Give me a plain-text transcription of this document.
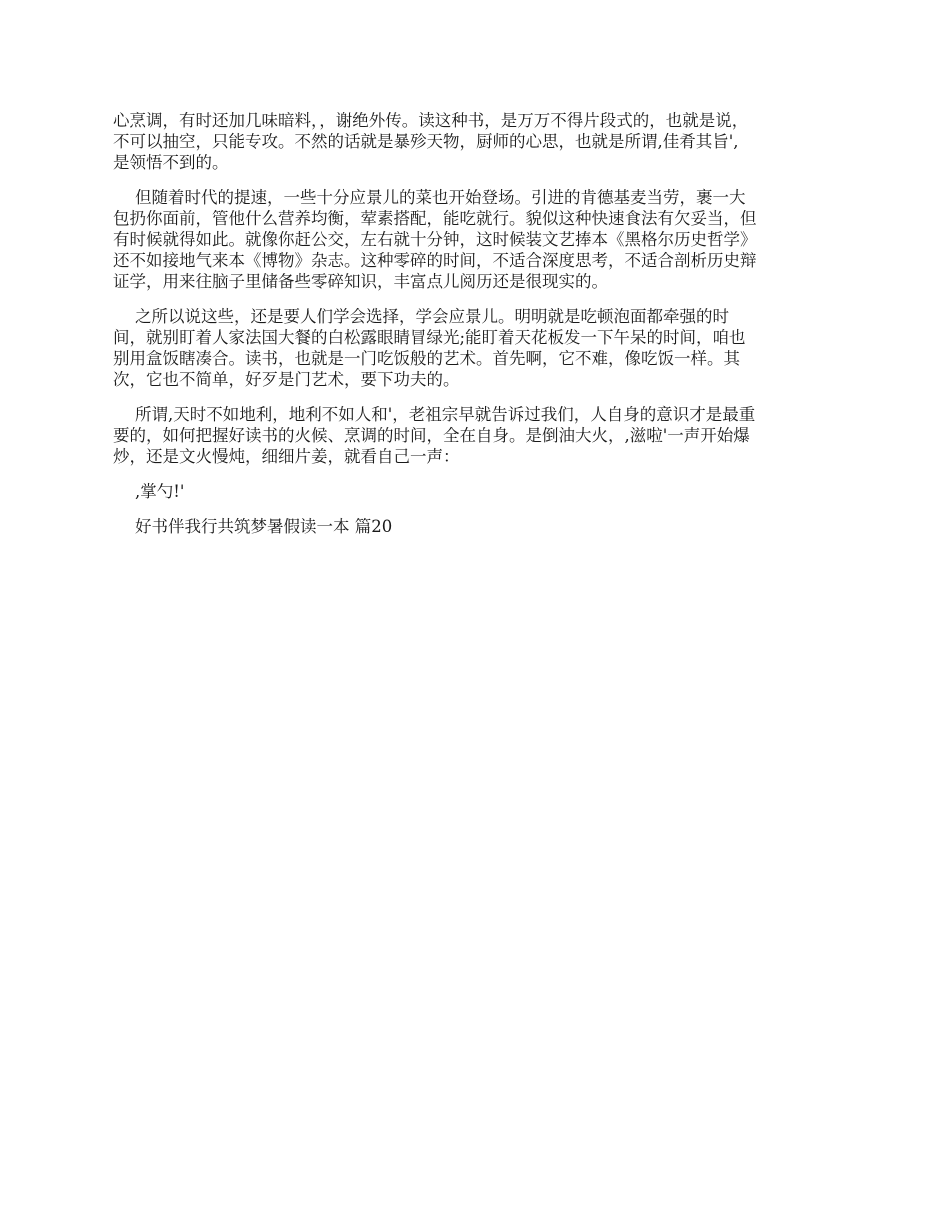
心烹调，有时还加几味暗料，，谢绝外传。读这种书，是万万不得片段式的，也就是说，
不可以抽空，只能专攻。不然的话就是暴殄天物，厨师的心思，也就是所谓,佳肴其旨',
是领悟不到的。
但随着时代的提速，一些十分应景儿的菜也开始登场。引进的肯德基麦当劳，裹一大
包扔你面前，管他什么营养均衡，荤素搭配，能吃就行。貌似这种快速食法有欠妥当，但
有时候就得如此。就像你赶公交，左右就十分钟，这时候装文艺捧本《黑格尔历史哲学》
还不如接地气来本《博物》杂志。这种零碎的时间，不适合深度思考，不适合剖析历史辩
证学，用来往脑子里储备些零碎知识，丰富点儿阅历还是很现实的。
之所以说这些，还是要人们学会选择，学会应景儿。明明就是吃顿泡面都牵强的时
间，就别盯着人家法国大餐的白松露眼睛冒绿光;能盯着天花板发一下午呆的时间，咱也
别用盒饭瞎凑合。读书，也就是一门吃饭般的艺术。首先啊，它不难，像吃饭一样。其
次，它也不简单，好歹是门艺术，要下功夫的。
所谓,天时不如地利，地利不如人和'，老祖宗早就告诉过我们，人自身的意识才是最重
要的，如何把握好读书的火候、烹调的时间，全在自身。是倒油大火，,滋啦'一声开始爆
炒，还是文火慢炖，细细片姜，就看自己一声：
,掌勺!'
好书伴我行共筑梦暑假读一本 篇20
